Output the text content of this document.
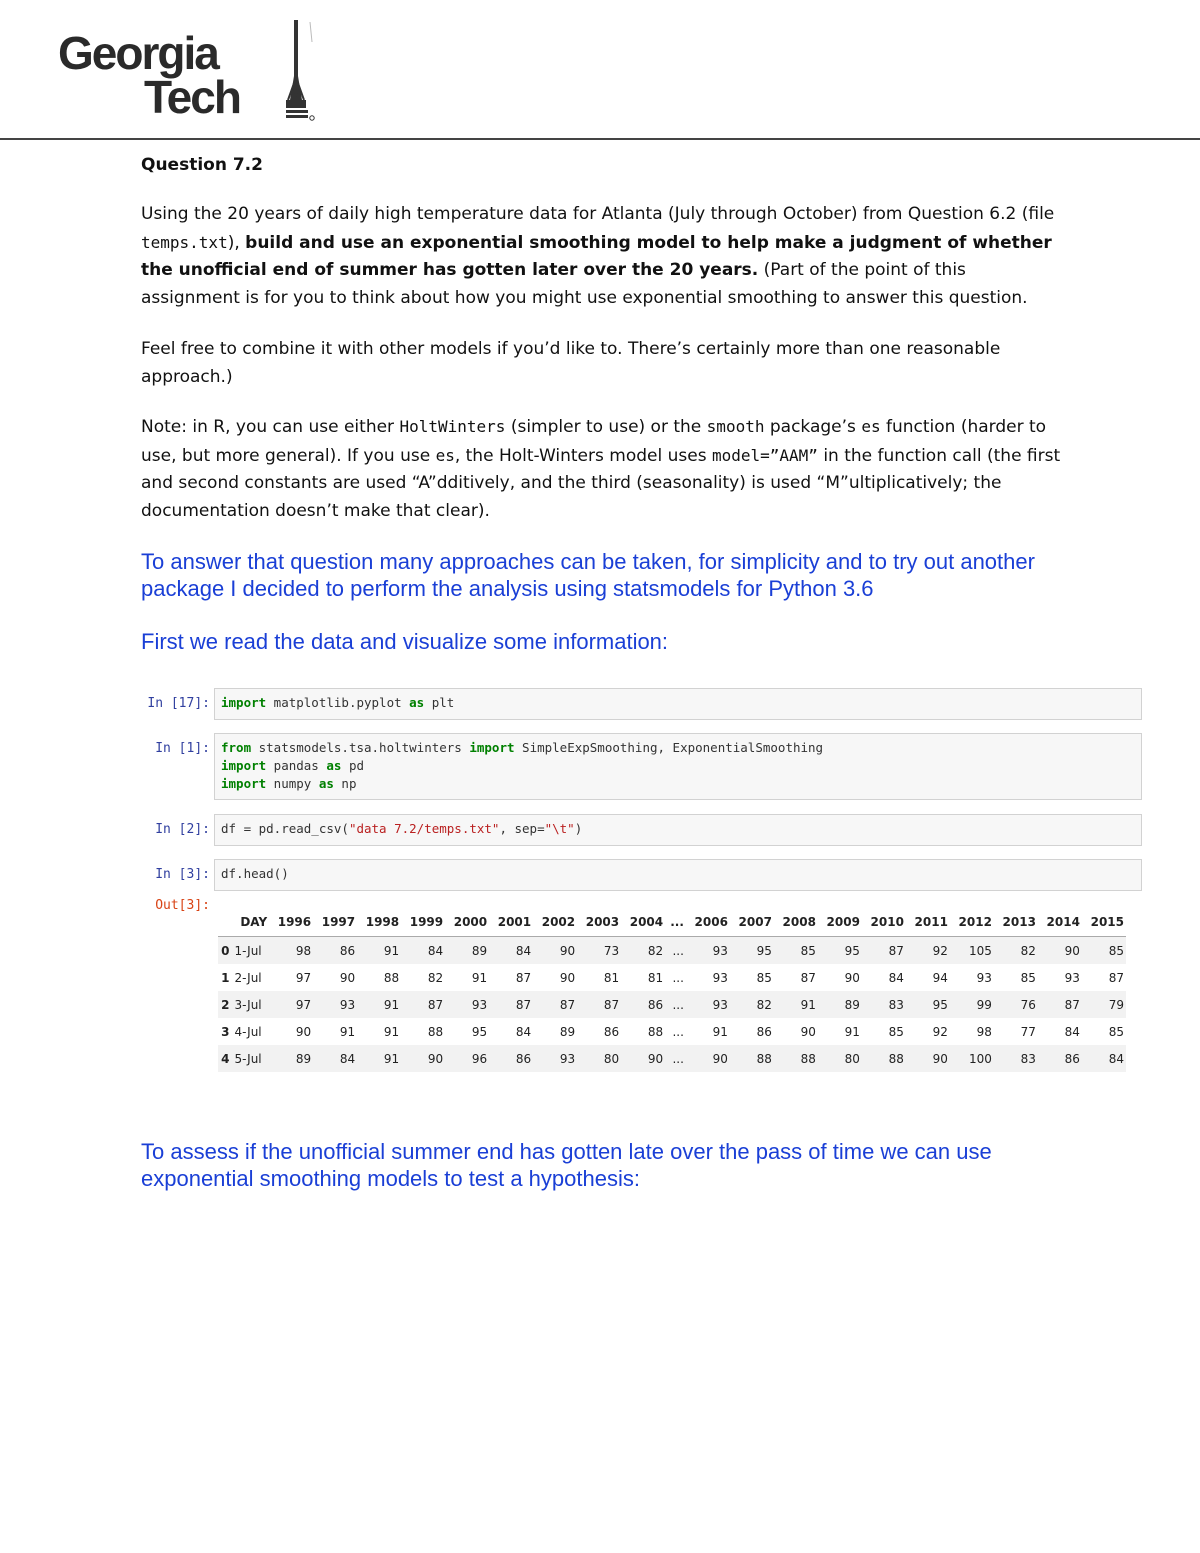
Georgia
Tech
Question 7.2
Using the 20 years of daily high temperature data for Atlanta (July through October) from Question 6.2 (file temps.txt), build and use an exponential smoothing model to help make a judgment of whether the unofficial end of summer has gotten later over the 20 years. (Part of the point of this assignment is for you to think about how you might use exponential smoothing to answer this question.
Feel free to combine it with other models if you’d like to. There’s certainly more than one reasonable approach.)
Note: in R, you can use either HoltWinters (simpler to use) or the smooth package’s es function (harder to use, but more general). If you use es, the Holt-Winters model uses model=”AAM” in the function call (the first and second constants are used “A”dditively, and the third (seasonality) is used “M”ultiplicatively; the documentation doesn’t make that clear).
To answer that question many approaches can be taken, for simplicity and to try out another package I decided to perform the analysis using statsmodels for Python 3.6
First we read the data and visualize some information:
In [17]: import matplotlib.pyplot as plt
In [1]: from statsmodels.tsa.holtwinters import SimpleExpSmoothing, ExponentialSmoothing
import pandas as pd
import numpy as np
In [2]: df = pd.read_csv("data 7.2/temps.txt", sep="\t")
In [3]: df.head()
Out[3]:
	DAY	1996	1997	1998	1999	2000	2001	2002	2003	2004	...	2006	2007	2008	2009	2010	2011	2012	2013	2014	2015
0	1-Jul	98	86	91	84	89	84	90	73	82	...	93	95	85	95	87	92	105	82	90	85
1	2-Jul	97	90	88	82	91	87	90	81	81	...	93	85	87	90	84	94	93	85	93	87
2	3-Jul	97	93	91	87	93	87	87	87	86	...	93	82	91	89	83	95	99	76	87	79
3	4-Jul	90	91	91	88	95	84	89	86	88	...	91	86	90	91	85	92	98	77	84	85
4	5-Jul	89	84	91	90	96	86	93	80	90	...	90	88	88	80	88	90	100	83	86	84
To assess if the unofficial summer end has gotten late over the pass of time we can use exponential smoothing models to test a hypothesis:
